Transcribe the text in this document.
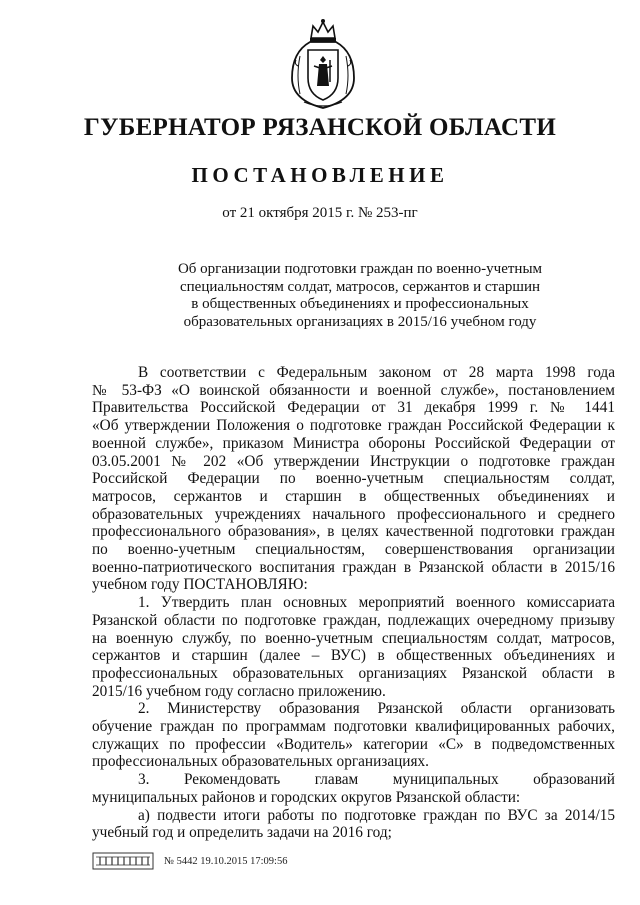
ГУБЕРНАТОР РЯЗАНСКОЙ ОБЛАСТИ
ПОСТАНОВЛЕНИЕ
от 21 октября 2015 г. № 253-пг
Об организации подготовки граждан по военно-учетным
специальностям солдат, матросов, сержантов и старшин
в общественных объединениях и профессиональных
образовательных организациях в 2015/16 учебном году
В соответствии с Федеральным законом от 28 марта 1998 года
№ 53-ФЗ «О воинской обязанности и военной службе», постановлением
Правительства Российской Федерации от 31 декабря 1999 г. № 1441
«Об утверждении Положения о подготовке граждан Российской Федерации к
военной службе», приказом Министра обороны Российской Федерации от
03.05.2001 № 202 «Об утверждении Инструкции о подготовке граждан
Российской Федерации по военно-учетным специальностям солдат,
матросов, сержантов и старшин в общественных объединениях и
образовательных учреждениях начального профессионального и среднего
профессионального образования», в целях качественной подготовки граждан
по военно-учетным специальностям, совершенствования организации
военно-патриотического воспитания граждан в Рязанской области в 2015/16
учебном году ПОСТАНОВЛЯЮ:
1. Утвердить план основных мероприятий военного комиссариата
Рязанской области по подготовке граждан, подлежащих очередному призыву
на военную службу, по военно-учетным специальностям солдат, матросов,
сержантов и старшин (далее – ВУС) в общественных объединениях и
профессиональных образовательных организациях Рязанской области в
2015/16 учебном году согласно приложению.
2. Министерству образования Рязанской области организовать
обучение граждан по программам подготовки квалифицированных рабочих,
служащих по профессии «Водитель» категории «С» в подведомственных
профессиональных образовательных организациях.
3. Рекомендовать главам муниципальных образований
муниципальных районов и городских округов Рязанской области:
а) подвести итоги работы по подготовке граждан по ВУС за 2014/15
учебный год и определить задачи на 2016 год;
№ 5442 19.10.2015 17:09:56
